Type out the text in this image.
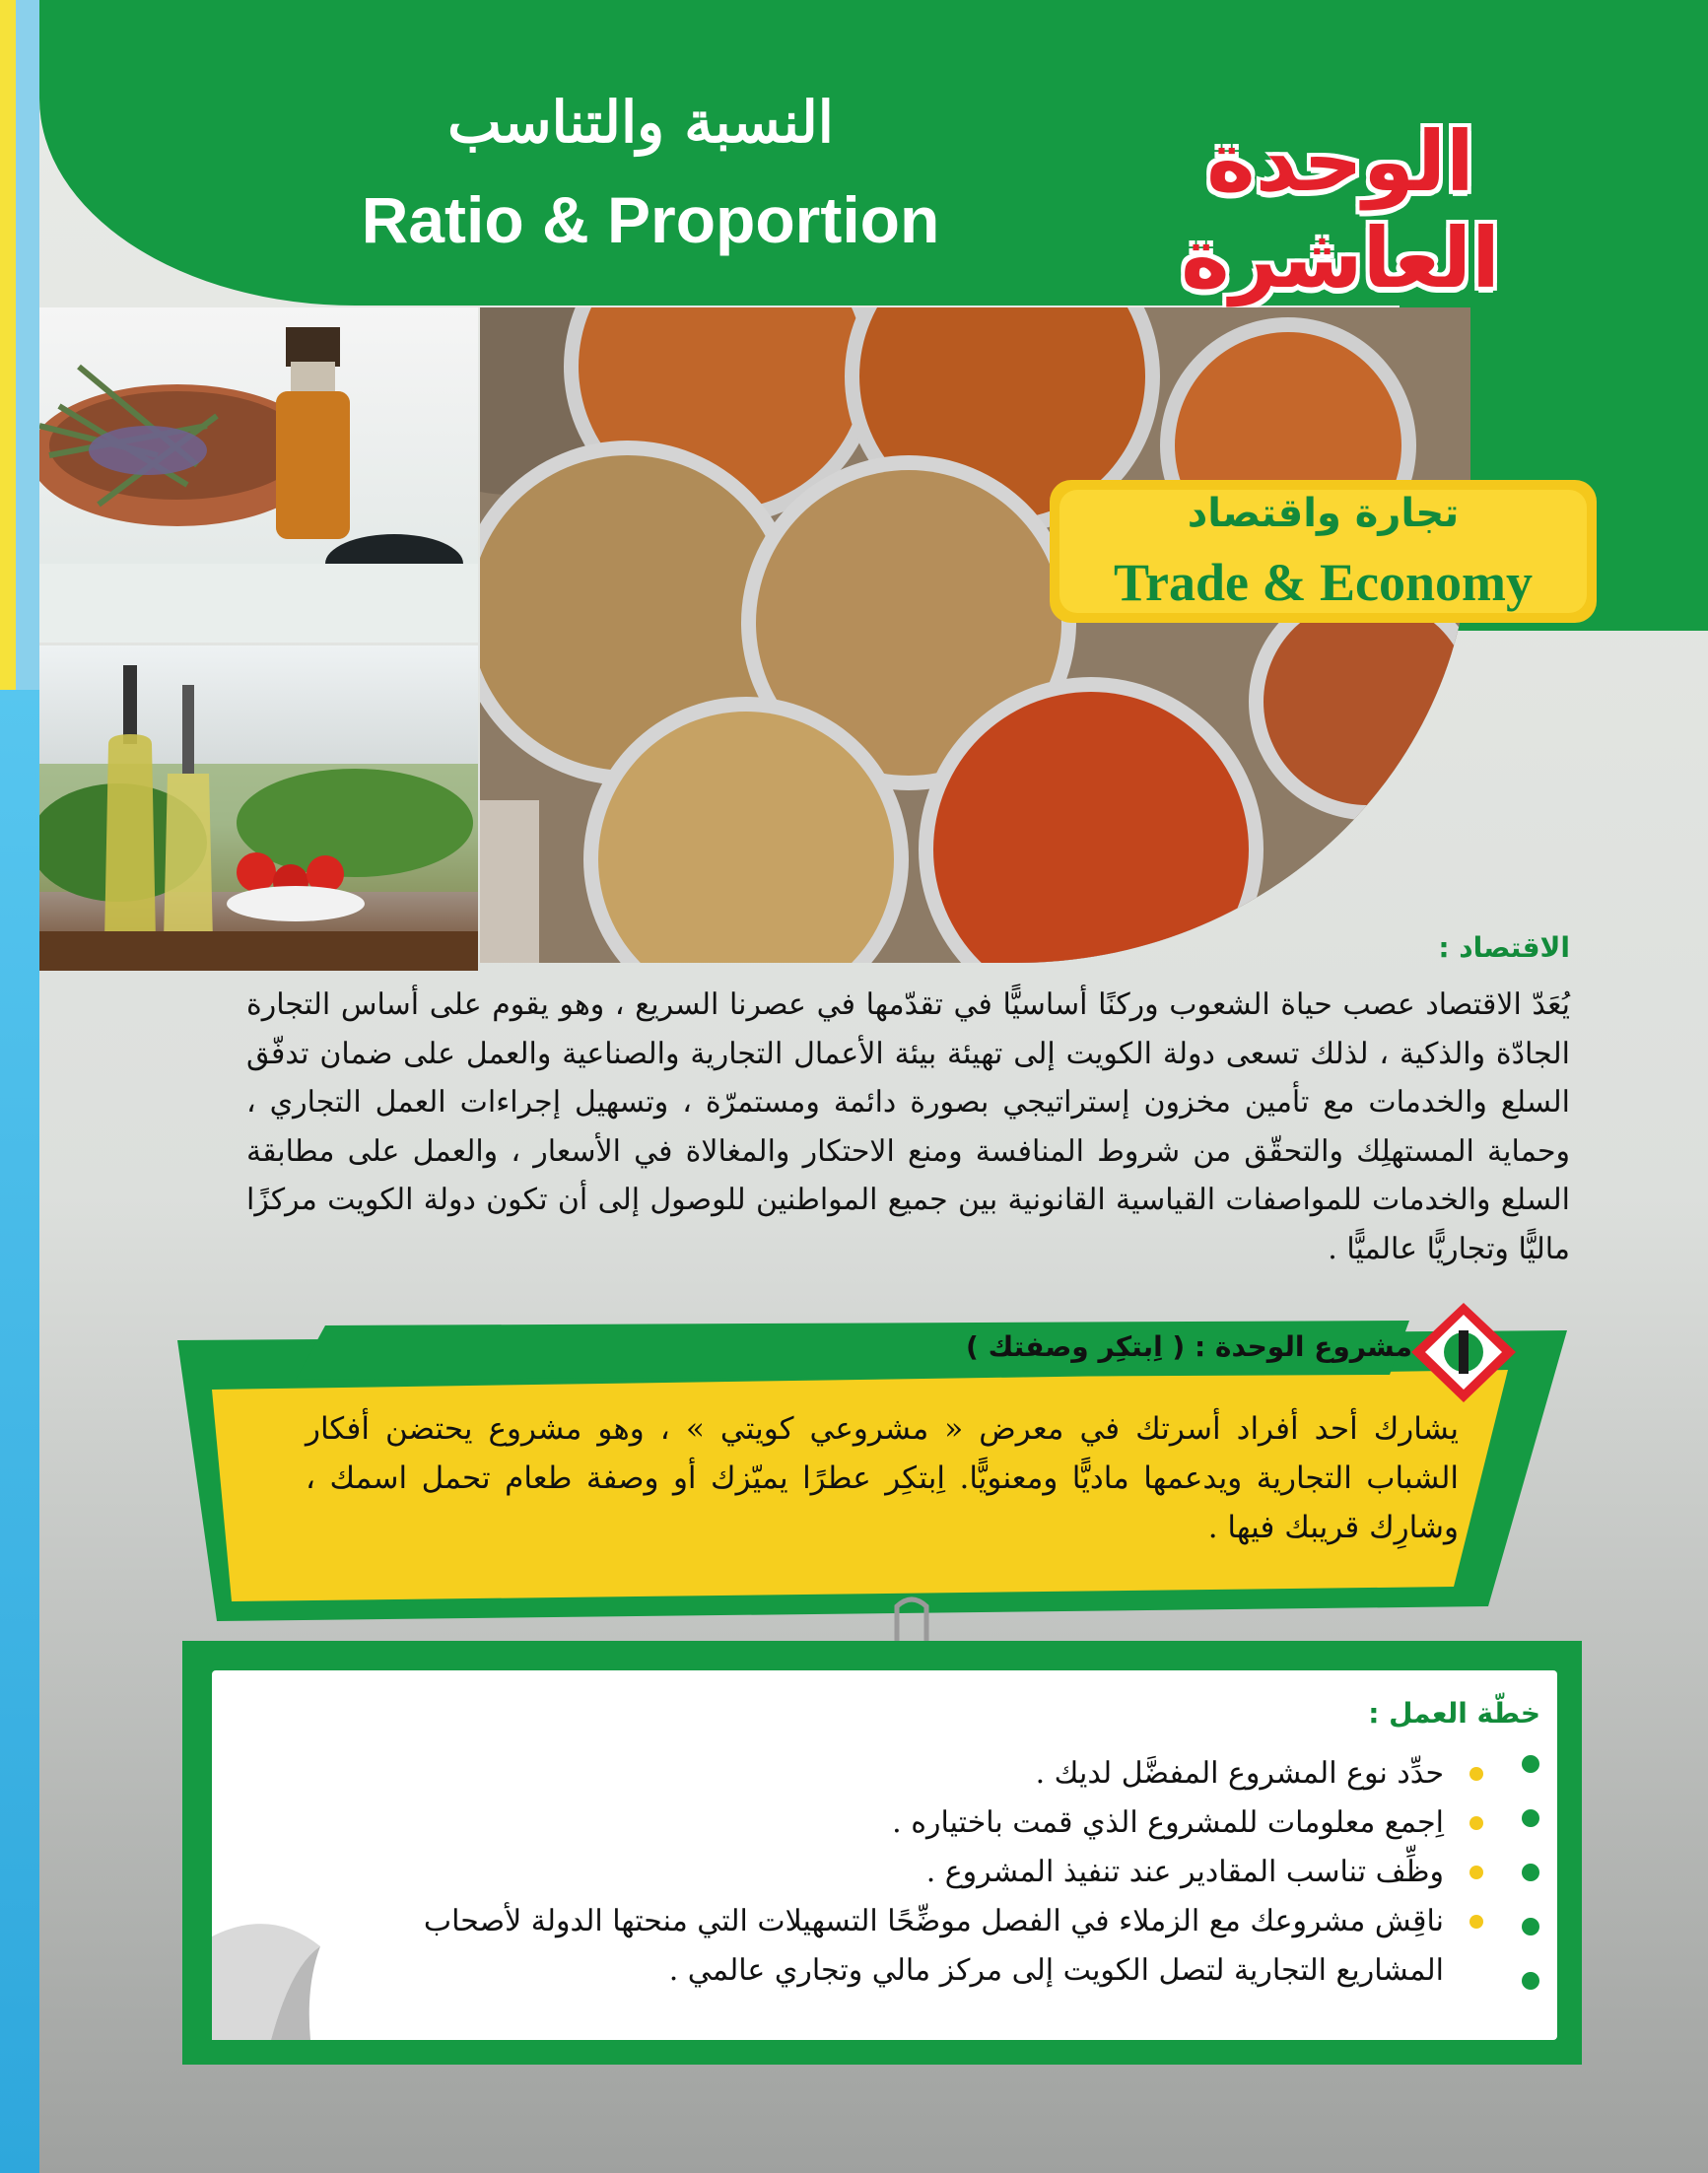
النسبة والتناسب
Ratio & Proportion
الوحدة العاشرة
تجارة واقتصاد
Trade & Economy
الاقتصاد :
يُعَدّ الاقتصاد عصب حياة الشعوب وركنًا أساسيًّا في تقدّمها في عصرنا السريع ، وهو يقوم على أساس التجارة الجادّة والذكية ، لذلك تسعى دولة الكويت إلى تهيئة بيئة الأعمال التجارية والصناعية والعمل على ضمان تدفّق السلع والخدمات مع تأمين مخزون إستراتيجي بصورة دائمة ومستمرّة ، وتسهيل إجراءات العمل التجاري ، وحماية المستهلِك والتحقّق من شروط المنافسة ومنع الاحتكار والمغالاة في الأسعار ، والعمل على مطابقة السلع والخدمات للمواصفات القياسية القانونية بين جميع المواطنين للوصول إلى أن تكون دولة الكويت مركزًا ماليًّا وتجاريًّا عالميًّا .
مشروع الوحدة : ( اِبتكِر وصفتك )
يشارك أحد أفراد أسرتك في معرض « مشروعي كويتي » ، وهو مشروع يحتضن أفكار الشباب التجارية ويدعمها ماديًّا ومعنويًّا. اِبتكِر عطرًا يميّزك أو وصفة طعام تحمل اسمك ، وشارِك قريبك فيها .
خطّة العمل :
حدِّد نوع المشروع المفضَّل لديك .
اِجمع معلومات للمشروع الذي قمت باختياره .
وظِّف تناسب المقادير عند تنفيذ المشروع .
ناقِش مشروعك مع الزملاء في الفصل موضِّحًا التسهيلات التي منحتها الدولة لأصحاب المشاريع التجارية لتصل الكويت إلى مركز مالي وتجاري عالمي .
